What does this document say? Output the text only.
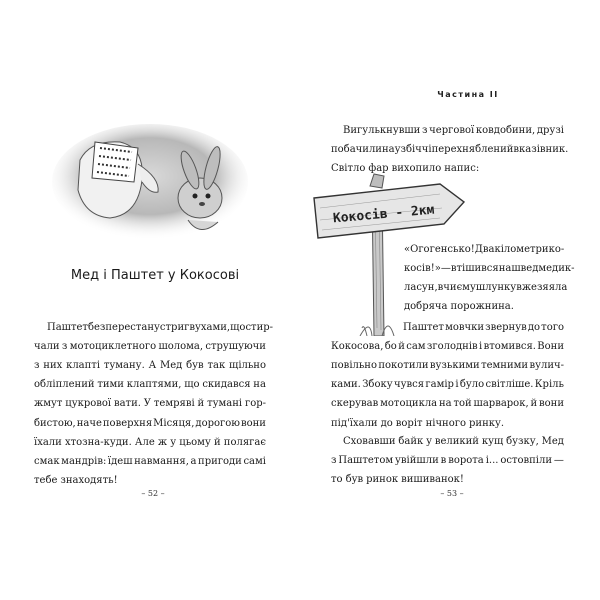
Мед і Паштет у Кокосові
Паштет безперестану стриг вухами, що стир-
чали з мотоциклетного шолома, струшуючи
з них клапті туману. А Мед був так щільно
обліплений тими клаптями, що скидався на
жмут цукрової вати. У темряві й тумані гор-
бистою, наче поверхня Місяця, дорогою вони
їхали хтозна-куди. Але ж у цьому й полягає
смак мандрів: їдеш навмання, а пригоди самі
тебе знаходять!
– 52 –
Частина II
Кокосів - 2км
Вигулькнувши з чергової ковдобини, друзі
побачили на узбіччі перехняблений вказівник.
Світло фар вихопило напис:
«Огогенсько! Два кілометри ко-
косів!» — втішився наш ведмедик-
ласун, в чиєму шлунку вже зяяла
добряча порожнина.
Паштет мовчки звернув до того
Кокосова, бо й сам зголоднів і втомився. Вони
повільно покотили вузькими темними вулич-
ками. Збоку чувся гамір і було світліше. Кріль
скерував мотоцикла на той шарварок, й вони
під'їхали до воріт нічного ринку.
Сховавши байк у великий кущ бузку, Мед
з Паштетом увійшли в ворота і... остовпіли —
то був ринок вишиванок!
– 53 –
